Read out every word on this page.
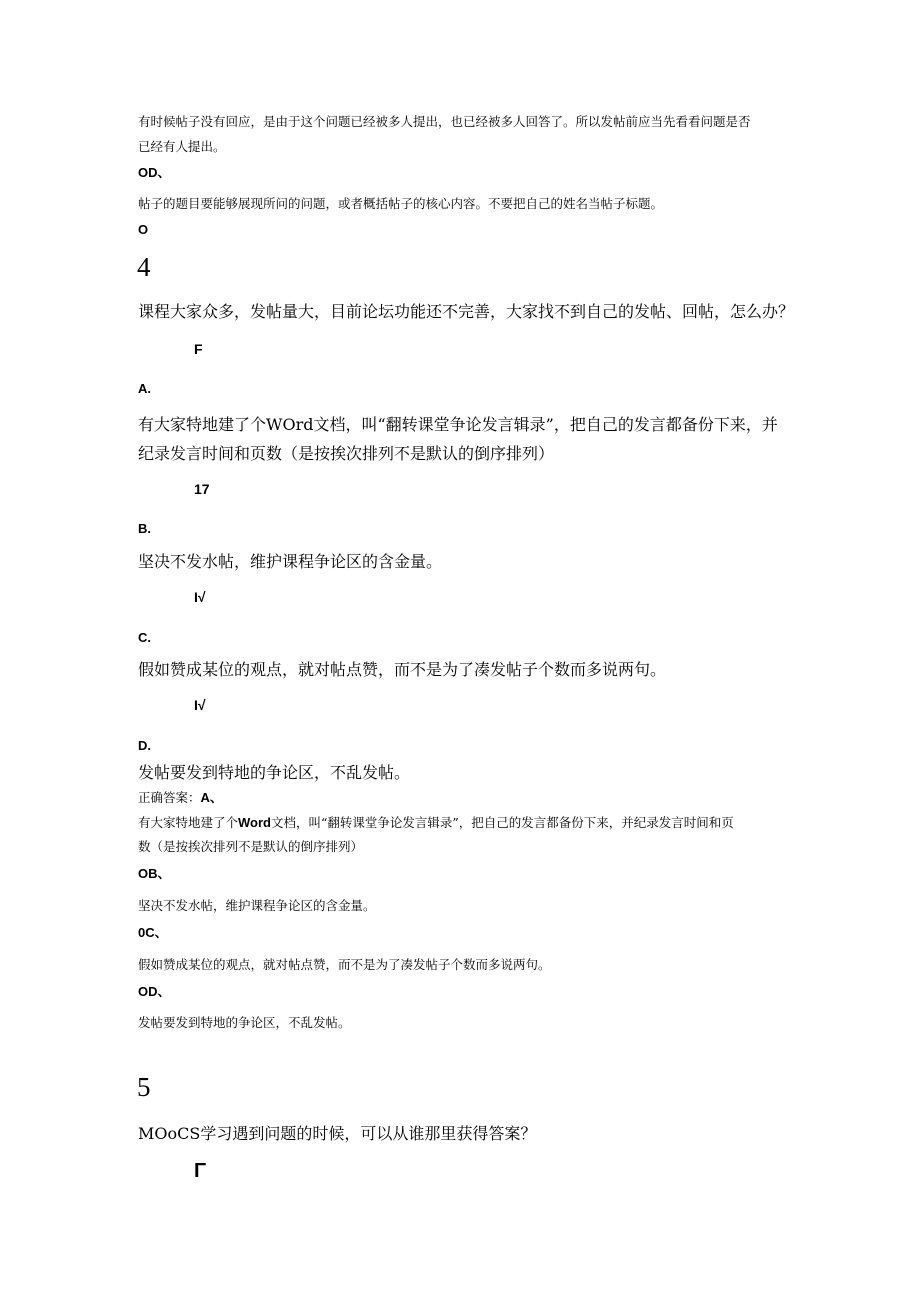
有时候帖子没有回应，是由于这个问题已经被多人提出，也已经被多人回答了。所以发帖前应当先看看问题是否

已经有人提出。

OD、

帖子的题目要能够展现所问的问题，或者概括帖子的核心内容。不要把自己的姓名当帖子标题。

O

4

课程大家众多，发帖量大，目前论坛功能还不完善，大家找不到自己的发帖、回帖，怎么办？

F

A.

有大家特地建了个WOrd文档，叫“翻转课堂争论发言辑录”，把自己的发言都备份下来，并

纪录发言时间和页数（是按挨次排列不是默认的倒序排列）

17

B.

坚决不发水帖，维护课程争论区的含金量。

I√

C.

假如赞成某位的观点，就对帖点赞，而不是为了凑发帖子个数而多说两句。

I√

D.

发帖要发到特地的争论区，不乱发帖。

正确答案：A、

有大家特地建了个Word文档，叫“翻转课堂争论发言辑录”，把自己的发言都备份下来，并纪录发言时间和页

数（是按挨次排列不是默认的倒序排列）

OB、

坚决不发水帖，维护课程争论区的含金量。

0C、

假如赞成某位的观点，就对帖点赞，而不是为了凑发帖子个数而多说两句。

OD、

发帖要发到特地的争论区，不乱发帖。

5

MOoCS学习遇到问题的时候，可以从谁那里获得答案？

Γ
